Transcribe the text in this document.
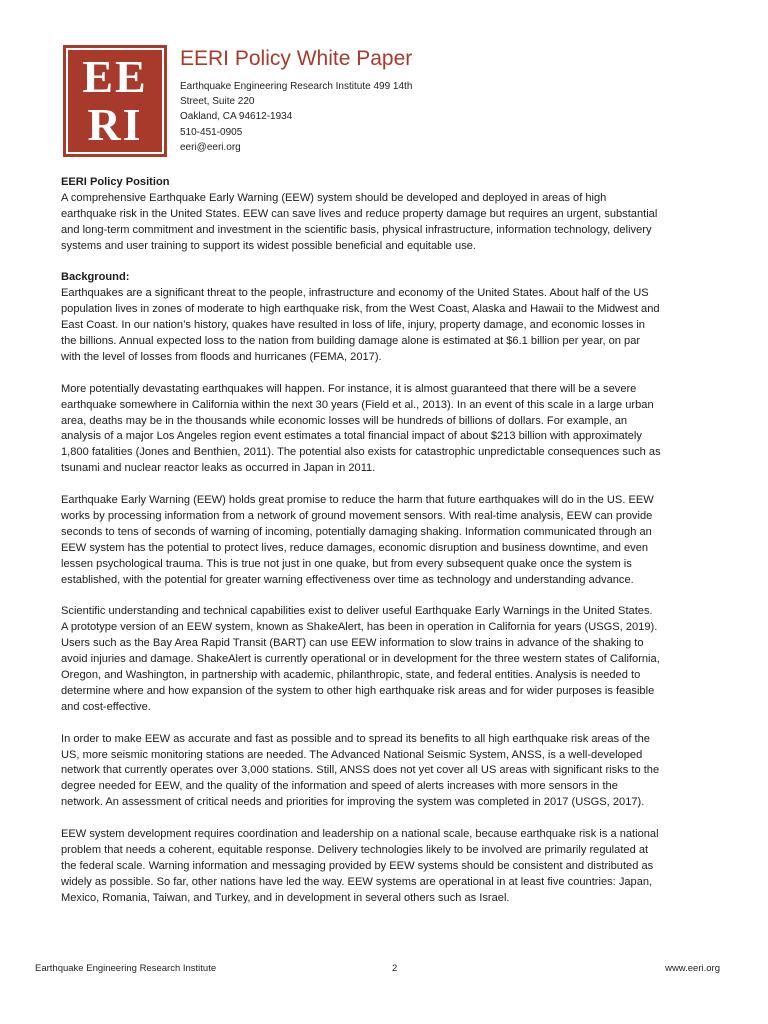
EE
RI
EERI Policy White Paper
Earthquake Engineering Research Institute 499 14th
Street, Suite 220
Oakland, CA 94612-1934
510-451-0905
eeri@eeri.org
EERI Policy Position

A comprehensive Earthquake Early Warning (EEW) system should be developed and deployed in areas of high earthquake risk in the United States. EEW can save lives and reduce property damage but requires an urgent, substantial and long-term commitment and investment in the scientific basis, physical infrastructure, information technology, delivery systems and user training to support its widest possible beneficial and equitable use.

Background:

Earthquakes are a significant threat to the people, infrastructure and economy of the United States. About half of the US population lives in zones of moderate to high earthquake risk, from the West Coast, Alaska and Hawaii to the Midwest and East Coast. In our nation’s history, quakes have resulted in loss of life, injury, property damage, and economic losses in the billions. Annual expected loss to the nation from building damage alone is estimated at $6.1 billion per year, on par with the level of losses from floods and hurricanes (FEMA, 2017).

More potentially devastating earthquakes will happen. For instance, it is almost guaranteed that there will be a severe earthquake somewhere in California within the next 30 years (Field et al., 2013). In an event of this scale in a large urban area, deaths may be in the thousands while economic losses will be hundreds of billions of dollars. For example, an analysis of a major Los Angeles region event estimates a total financial impact of about $213 billion with approximately 1,800 fatalities (Jones and Benthien, 2011). The potential also exists for catastrophic unpredictable consequences such as tsunami and nuclear reactor leaks as occurred in Japan in 2011.

Earthquake Early Warning (EEW) holds great promise to reduce the harm that future earthquakes will do in the US. EEW works by processing information from a network of ground movement sensors. With real-time analysis, EEW can provide seconds to tens of seconds of warning of incoming, potentially damaging shaking. Information communicated through an EEW system has the potential to protect lives, reduce damages, economic disruption and business downtime, and even lessen psychological trauma. This is true not just in one quake, but from every subsequent quake once the system is established, with the potential for greater warning effectiveness over time as technology and understanding advance.

Scientific understanding and technical capabilities exist to deliver useful Earthquake Early Warnings in the United States. A prototype version of an EEW system, known as ShakeAlert, has been in operation in California for years (USGS, 2019). Users such as the Bay Area Rapid Transit (BART) can use EEW information to slow trains in advance of the shaking to avoid injuries and damage. ShakeAlert is currently operational or in development for the three western states of California, Oregon, and Washington, in partnership with academic, philanthropic, state, and federal entities. Analysis is needed to determine where and how expansion of the system to other high earthquake risk areas and for wider purposes is feasible and cost-effective.

In order to make EEW as accurate and fast as possible and to spread its benefits to all high earthquake risk areas of the US, more seismic monitoring stations are needed. The Advanced National Seismic System, ANSS, is a well-developed network that currently operates over 3,000 stations. Still, ANSS does not yet cover all US areas with significant risks to the degree needed for EEW, and the quality of the information and speed of alerts increases with more sensors in the network. An assessment of critical needs and priorities for improving the system was completed in 2017 (USGS, 2017).

EEW system development requires coordination and leadership on a national scale, because earthquake risk is a national problem that needs a coherent, equitable response. Delivery technologies likely to be involved are primarily regulated at the federal scale. Warning information and messaging provided by EEW systems should be consistent and distributed as widely as possible. So far, other nations have led the way. EEW systems are operational in at least five countries: Japan, Mexico, Romania, Taiwan, and Turkey, and in development in several others such as Israel.

Earthquake Engineering Research Institute	2	www.eeri.org
